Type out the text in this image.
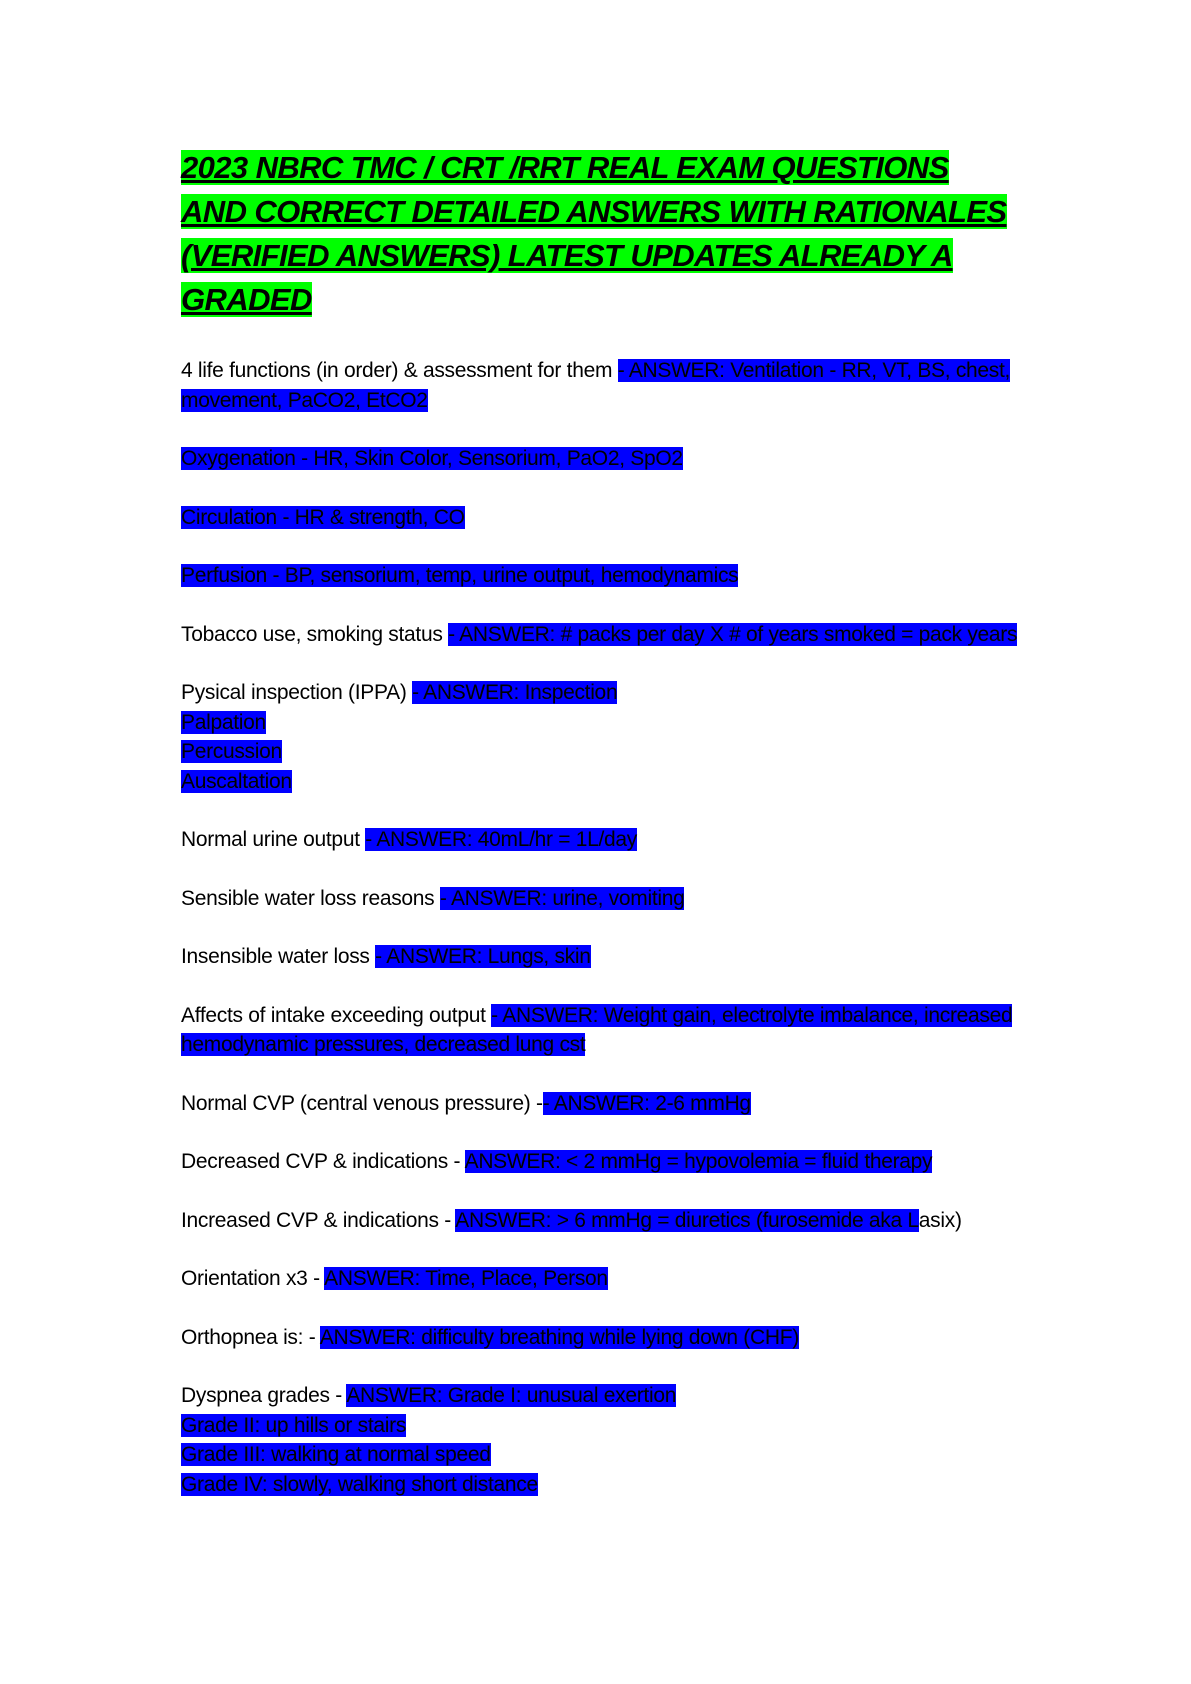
2023 NBRC TMC / CRT /RRT REAL EXAM QUESTIONS AND CORRECT DETAILED ANSWERS WITH RATIONALES (VERIFIED ANSWERS) LATEST UPDATES ALREADY A GRADED

4 life functions (in order) & assessment for them - ANSWER: Ventilation - RR, VT, BS, chest, movement, PaCO2, EtCO2

Oxygenation - HR, Skin Color, Sensorium, PaO2, SpO2

Circulation - HR & strength, CO

Perfusion - BP, sensorium, temp, urine output, hemodynamics

Tobacco use, smoking status - ANSWER: # packs per day X # of years smoked = pack years

Pysical inspection (IPPA) - ANSWER: Inspection
Palpation
Percussion
Auscaltation

Normal urine output - ANSWER: 40mL/hr = 1L/day

Sensible water loss reasons - ANSWER: urine, vomiting

Insensible water loss - ANSWER: Lungs, skin

Affects of intake exceeding output - ANSWER: Weight gain, electrolyte imbalance, increased hemodynamic pressures, decreased lung cst

Normal CVP (central venous pressure) -- ANSWER: 2-6 mmHg

Decreased CVP & indications - ANSWER: < 2 mmHg = hypovolemia = fluid therapy

Increased CVP & indications - ANSWER: > 6 mmHg = diuretics (furosemide aka Lasix)

Orientation x3 - ANSWER: Time, Place, Person

Orthopnea is: - ANSWER: difficulty breathing while lying down (CHF)

Dyspnea grades - ANSWER: Grade I: unusual exertion
Grade II: up hills or stairs
Grade III: walking at normal speed
Grade IV: slowly, walking short distance
